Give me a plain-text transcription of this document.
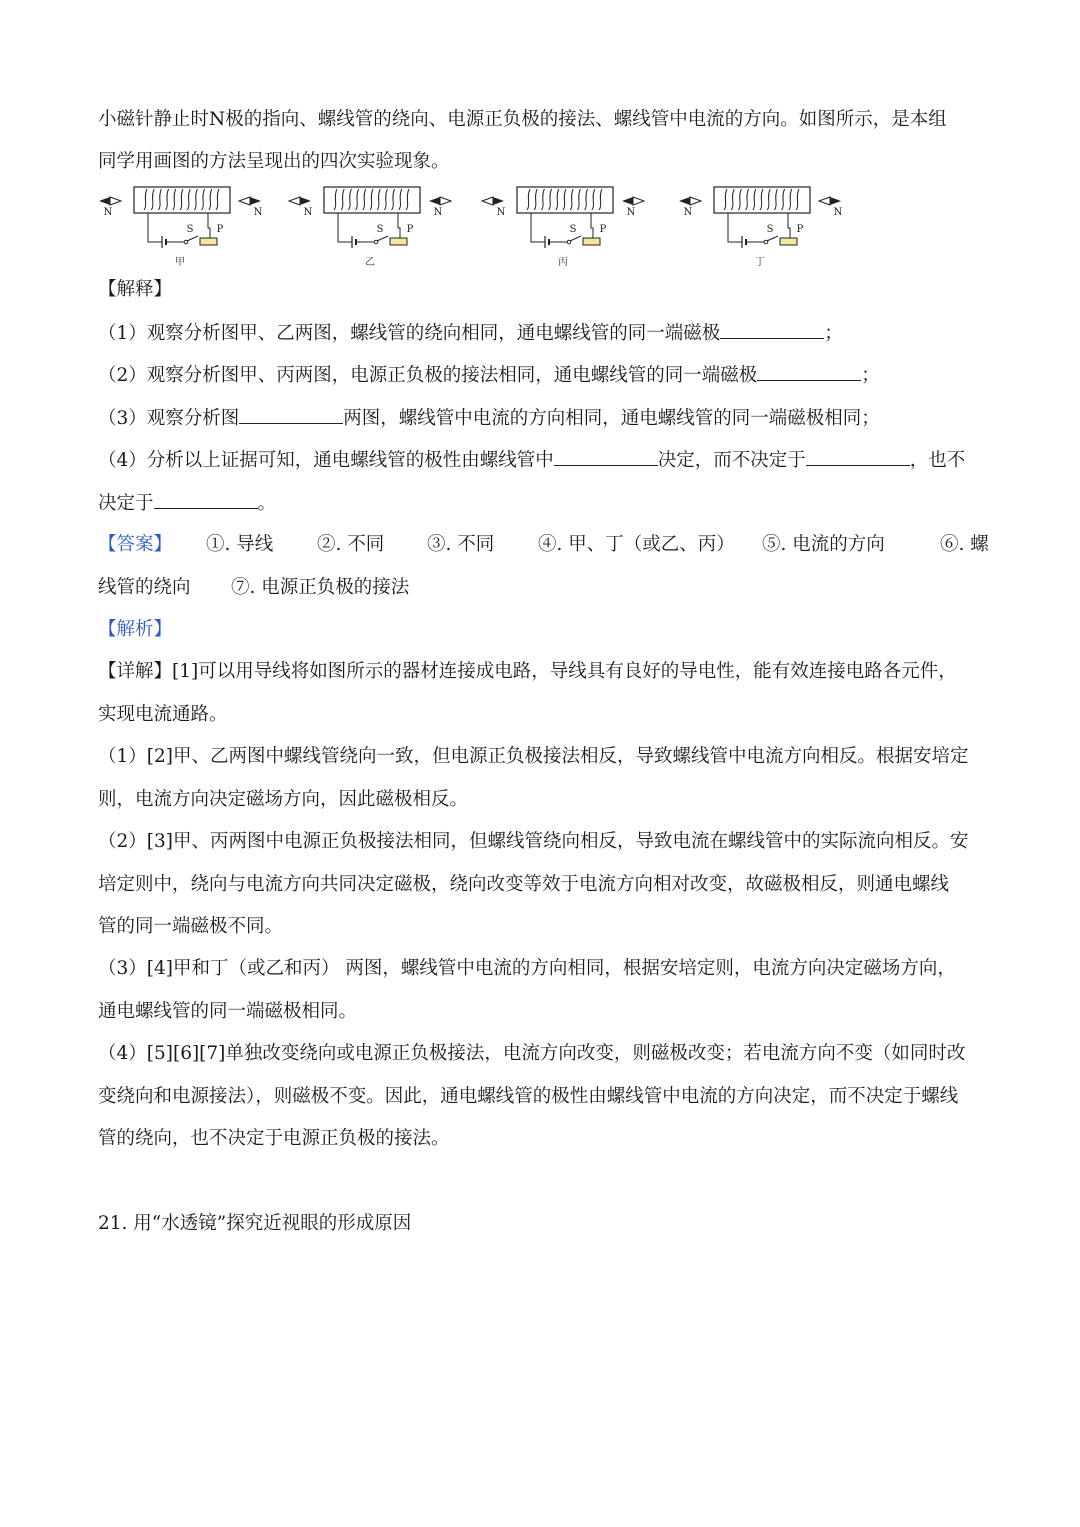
小磁针静止时N极的指向、螺线管的绕向、电源正负极的接法、螺线管中电流的方向。如图所示，是本组
同学用画图的方法呈现出的四次实验现象。
S P
N	N
甲
S P
N	N
乙
S P
N	N
丙
S P
N	N
丁
【解释】
（1）观察分析图甲、乙两图，螺线管的绕向相同，通电螺线管的同一端磁极	；
（2）观察分析图甲、丙两图，电源正负极的接法相同，通电螺线管的同一端磁极	；
（3）观察分析图	两图，螺线管中电流的方向相同，通电螺线管的同一端磁极相同；
（4）分析以上证据可知，通电螺线管的极性由螺线管中	决定，而不决定于	，也不
决定于	。
【答案】 ①. 导线 ②. 不同 ③. 不同 ④. 甲、丁（或乙、丙） ⑤. 电流的方向	⑥. 螺
线管的绕向 ⑦. 电源正负极的接法
【解析】
【详解】[1]可以用导线将如图所示的器材连接成电路，导线具有良好的导电性，能有效连接电路各元件，
实现电流通路。
（1）[2]甲、乙两图中螺线管绕向一致，但电源正负极接法相反，导致螺线管中电流方向相反。根据安培定
则，电流方向决定磁场方向，因此磁极相反。
（2）[3]甲、丙两图中电源正负极接法相同，但螺线管绕向相反，导致电流在螺线管中的实际流向相反。安
培定则中，绕向与电流方向共同决定磁极，绕向改变等效于电流方向相对改变，故磁极相反，则通电螺线
管的同一端磁极不同。
（3）[4]甲和丁（或乙和丙） 两图，螺线管中电流的方向相同，根据安培定则，电流方向决定磁场方向，
通电螺线管的同一端磁极相同。
（4）[5][6][7]单独改变绕向或电源正负极接法，电流方向改变，则磁极改变；若电流方向不变（如同时改
变绕向和电源接法），则磁极不变。因此，通电螺线管的极性由螺线管中电流的方向决定，而不决定于螺线
管的绕向，也不决定于电源正负极的接法。
21. 用“水透镜”探究近视眼的形成原因
